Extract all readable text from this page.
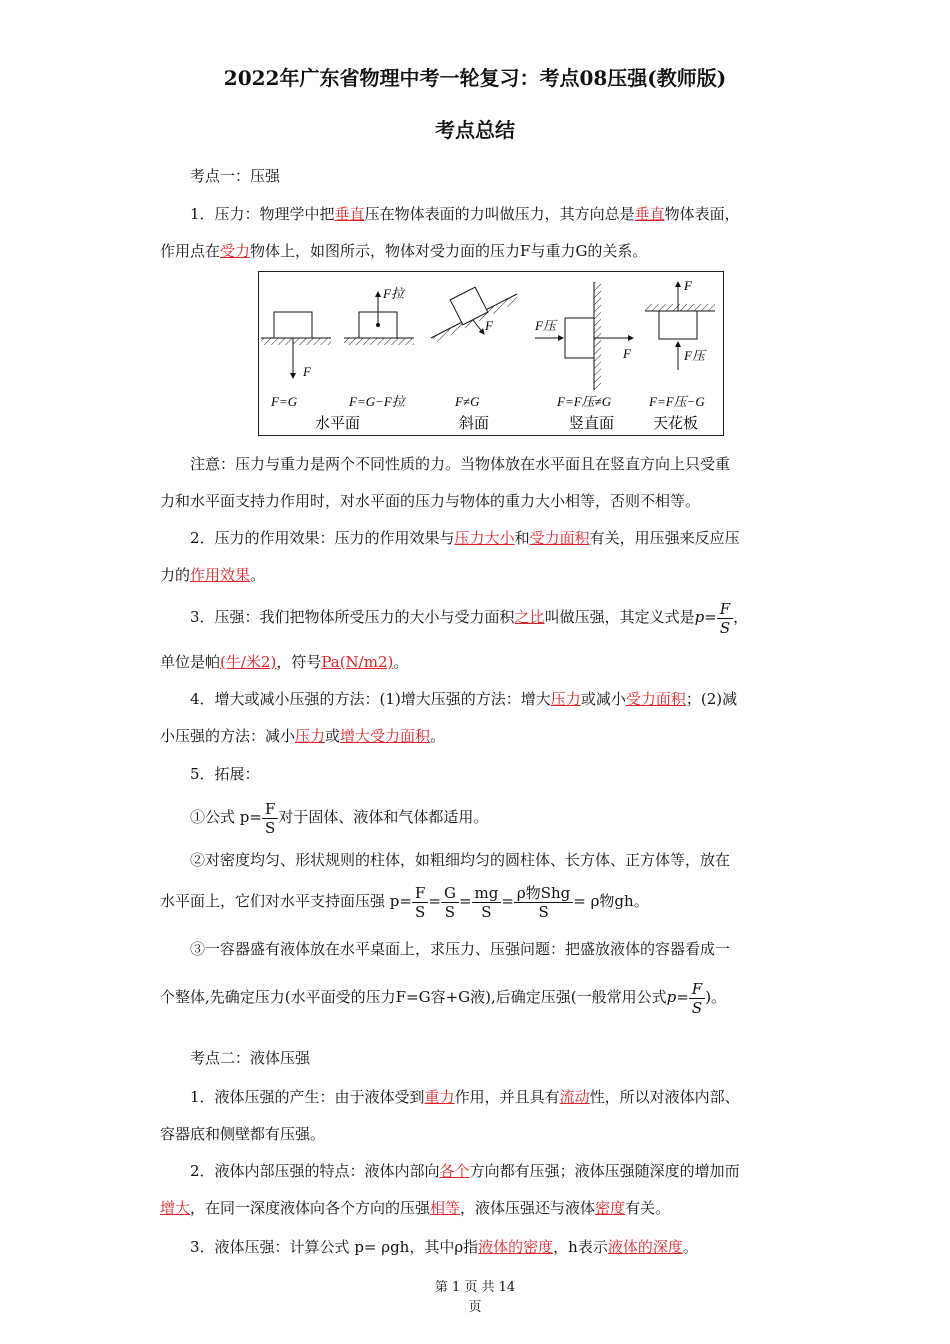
2022年广东省物理中考一轮复习：考点08压强(教师版)
考点总结
考点一：压强
1．压力：物理学中把垂直压在物体表面的力叫做压力，其方向总是垂直物体表面，
作用点在受力物体上，如图所示，物体对受力面的压力F与重力G的关系。
F
F拉
F	F压
F
F
F压
F=G	F=G−F拉	F≠G	F=F压≠G	F=F压−G
水平面	斜面	竖直面	天花板
注意：压力与重力是两个不同性质的力。当物体放在水平面且在竖直方向上只受重
力和水平面支持力作用时，对水平面的压力与物体的重力大小相等，否则不相等。
2．压力的作用效果：压力的作用效果与压力大小和受力面积有关，用压强来反应压
力的作用效果。
3．压强：我们把物体所受压力的大小与受力面积之比叫做压强，其定义式是$p= \frac{F}{S}$ ，
单位是帕(牛/米2)，符号Pa(N/m2)。
4．增大或减小压强的方法：(1)增大压强的方法：增大压力或减小受力面积；(2)减
小压强的方法：减小压力或增大受力面积。
5．拓展：
①公式 $p= \frac{F}{S}$ 对于固体、液体和气体都适用。
②对密度均匀、形状规则的柱体，如粗细均匀的圆柱体、长方体、正方体等，放在
水平面上，它们对水平支持面压强 $p= \frac{F}{S} = \frac{G}{S} = \frac{mg}{S} = \frac{\text{ρ物Shg}}{S} = \rho$物gh。
③一容器盛有液体放在水平桌面上，求压力、压强问题：把盛放液体的容器看成一
个整体,先确定压力(水平面受的压力F=G容+G液),后确定压强(一般常用公式$p= \frac{F}{S}$ )。
考点二：液体压强
1．液体压强的产生：由于液体受到重力作用，并且具有流动性，所以对液体内部、
容器底和侧壁都有压强。
2．液体内部压强的特点：液体内部向各个方向都有压强；液体压强随深度的增加而
增大，在同一深度液体向各个方向的压强相等，液体压强还与液体密度有关。
3．液体压强：计算公式 p= ρgh，其中ρ指液体的密度，h表示液体的深度。
第 1 页 共 14
页
